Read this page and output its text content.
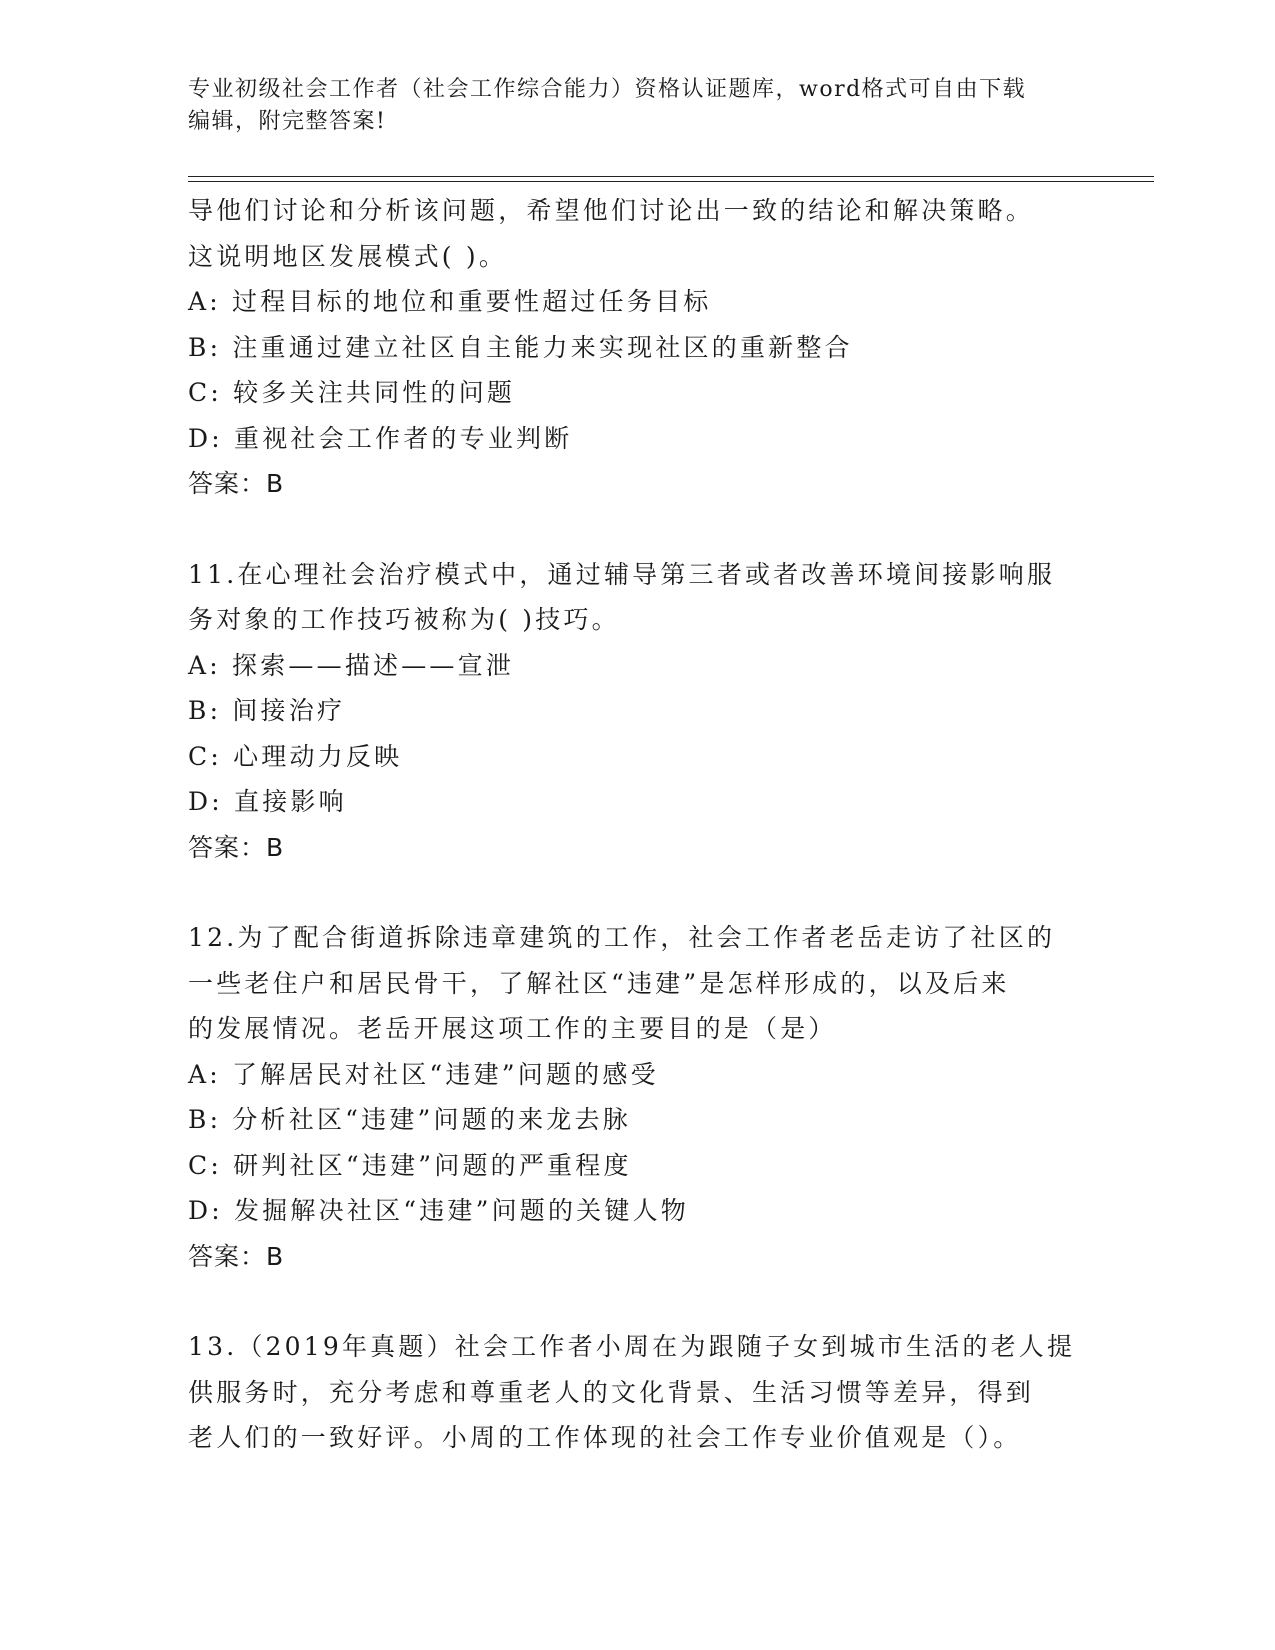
专业初级社会工作者（社会工作综合能力）资格认证题库，word格式可自由下载
编辑，附完整答案!
导他们讨论和分析该问题，希望他们讨论出一致的结论和解决策略。
这说明地区发展模式( )。
A: 过程目标的地位和重要性超过任务目标
B: 注重通过建立社区自主能力来实现社区的重新整合
C: 较多关注共同性的问题
D: 重视社会工作者的专业判断
答案：B
11.在心理社会治疗模式中，通过辅导第三者或者改善环境间接影响服
务对象的工作技巧被称为( )技巧。
A: 探索——描述——宣泄
B: 间接治疗
C: 心理动力反映
D: 直接影响
答案：B
12.为了配合街道拆除违章建筑的工作，社会工作者老岳走访了社区的
一些老住户和居民骨干，了解社区“违建”是怎样形成的，以及后来
的发展情况。老岳开展这项工作的主要目的是（是）
A: 了解居民对社区“违建”问题的感受
B: 分析社区“违建”问题的来龙去脉
C: 研判社区“违建”问题的严重程度
D: 发掘解决社区“违建”问题的关键人物
答案：B
13.（2019年真题）社会工作者小周在为跟随子女到城市生活的老人提
供服务时，充分考虑和尊重老人的文化背景、生活习惯等差异，得到
老人们的一致好评。小周的工作体现的社会工作专业价值观是（）。
